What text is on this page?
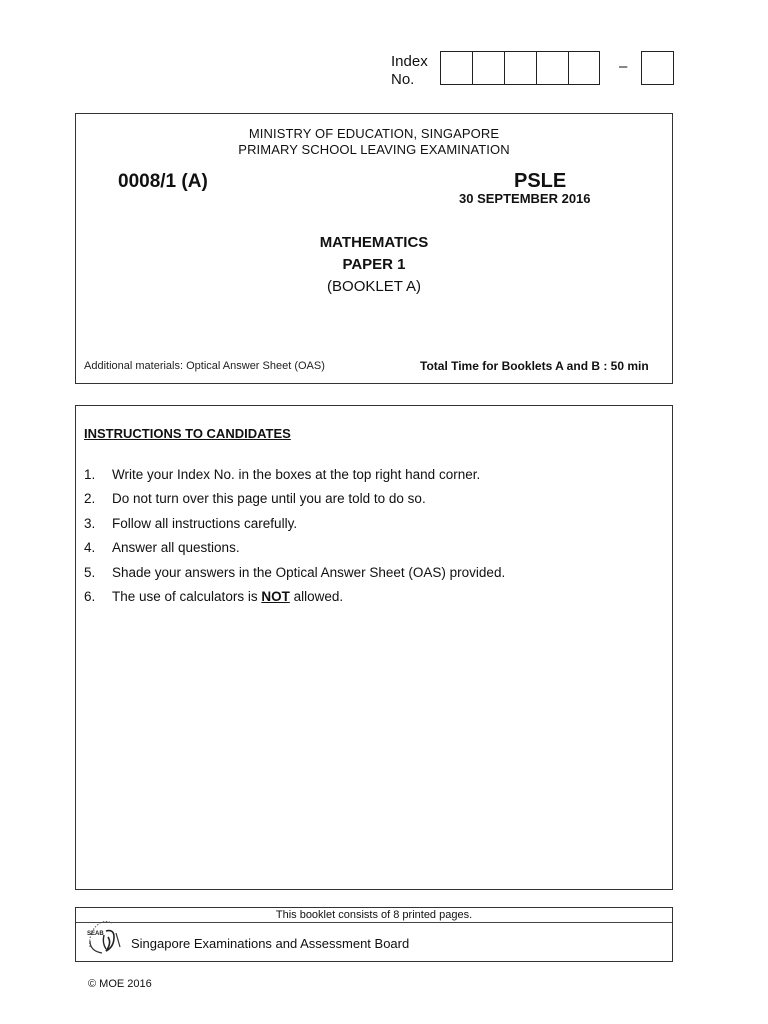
Index
No.
–
MINISTRY OF EDUCATION, SINGAPORE
PRIMARY SCHOOL LEAVING EXAMINATION
0008/1 (A)	PSLE
30 SEPTEMBER 2016
MATHEMATICS
PAPER 1
(BOOKLET A)
Additional materials: Optical Answer Sheet (OAS)	Total Time for Booklets A and B : 50 min
INSTRUCTIONS TO CANDIDATES
1.	Write your Index No. in the boxes at the top right hand corner.
2.	Do not turn over this page until you are told to do so.
3.	Follow all instructions carefully.
4.	Answer all questions.
5.	Shade your answers in the Optical Answer Sheet (OAS) provided.
6.	The use of calculators is NOT allowed.
This booklet consists of 8 printed pages.
SEAB
Singapore Examinations and Assessment Board
© MOE 2016
